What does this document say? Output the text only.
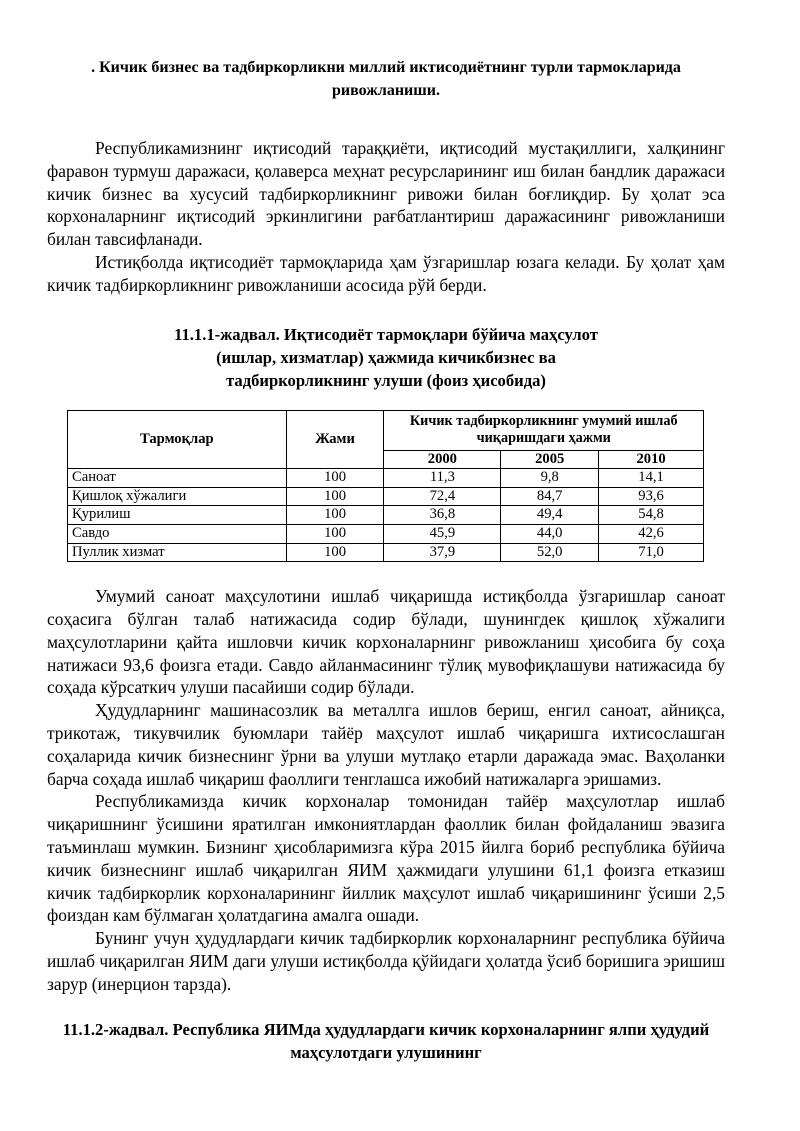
. Кичик бизнес ва тадбиркорликни миллий иктисодиётнинг турли тармокларида ривожланиши.

Республикамизнинг иқтисодий тараққиёти, иқтисодий мустақиллиги, халқининг фаравон турмуш даражаси, қолаверса меҳнат ресурсларининг иш билан бандлик даражаси кичик бизнес ва хусусий тадбиркорликнинг ривожи билан боғлиқдир. Бу ҳолат эса корхоналарнинг иқтисодий эркинлигини рағбатлантириш даражасининг ривожланиши билан тавсифланади.

Истиқболда иқтисодиёт тармоқларида ҳам ўзгаришлар юзага келади. Бу ҳолат ҳам кичик тадбиркорликнинг ривожланиши асосида рўй берди.

11.1.1-жадвал. Иқтисодиёт тармоқлари бўйича маҳсулот
(ишлар, хизматлар) ҳажмида кичикбизнес ва
тадбиркорликнинг улуши (фоиз ҳисобида)
Тармоқлар	Жами	Кичик тадбиркорликнинг умумий ишлаб чиқаришдаги ҳажми		
		2000	2005	2010
Саноат	100	11,3	9,8	14,1
Қишлоқ хўжалиги	100	72,4	84,7	93,6
Қурилиш	100	36,8	49,4	54,8
Савдо	100	45,9	44,0	42,6
Пуллик хизмат	100	37,9	52,0	71,0

Умумий саноат маҳсулотини ишлаб чиқаришда истиқболда ўзгаришлар саноат соҳасига бўлган талаб натижасида содир бўлади, шунингдек қишлоқ хўжалиги маҳсулотларини қайта ишловчи кичик корхоналарнинг ривожланиш ҳисобига бу соҳа натижаси 93,6 фоизга етади. Савдо айланмасининг тўлиқ мувофиқлашуви натижасида бу соҳада кўрсаткич улуши пасайиши содир бўлади.

Ҳудудларнинг машинасозлик ва металлга ишлов бериш, енгил саноат, айниқса, трикотаж, тикувчилик буюмлари тайёр маҳсулот ишлаб чиқаришга ихтисослашган соҳаларида кичик бизнеснинг ўрни ва улуши мутлақо етарли даражада эмас. Ваҳоланки барча соҳада ишлаб чиқариш фаоллиги тенглашса ижобий натижаларга эришамиз.

Республикамизда кичик корхоналар томонидан тайёр маҳсулотлар ишлаб чиқаришнинг ўсишини яратилган имкониятлардан фаоллик билан фойдаланиш эвазига таъминлаш мумкин. Бизнинг ҳисобларимизга кўра 2015 йилга бориб республика бўйича кичик бизнеснинг ишлаб чиқарилган ЯИМ ҳажмидаги улушини 61,1 фоизга етказиш кичик тадбиркорлик корхоналарининг йиллик маҳсулот ишлаб чиқаришининг ўсиши 2,5 фоиздан кам бўлмаган ҳолатдагина амалга ошади.

Бунинг учун ҳудудлардаги кичик тадбиркорлик корхоналарнинг республика бўйича ишлаб чиқарилган ЯИМ даги улуши истиқболда қўйидаги ҳолатда ўсиб боришига эришиш зарур (инерцион тарзда).

11.1.2-жадвал. Республика ЯИМда ҳудудлардаги кичик корхоналарнинг ялпи ҳудудий маҳсулотдаги улушининг
